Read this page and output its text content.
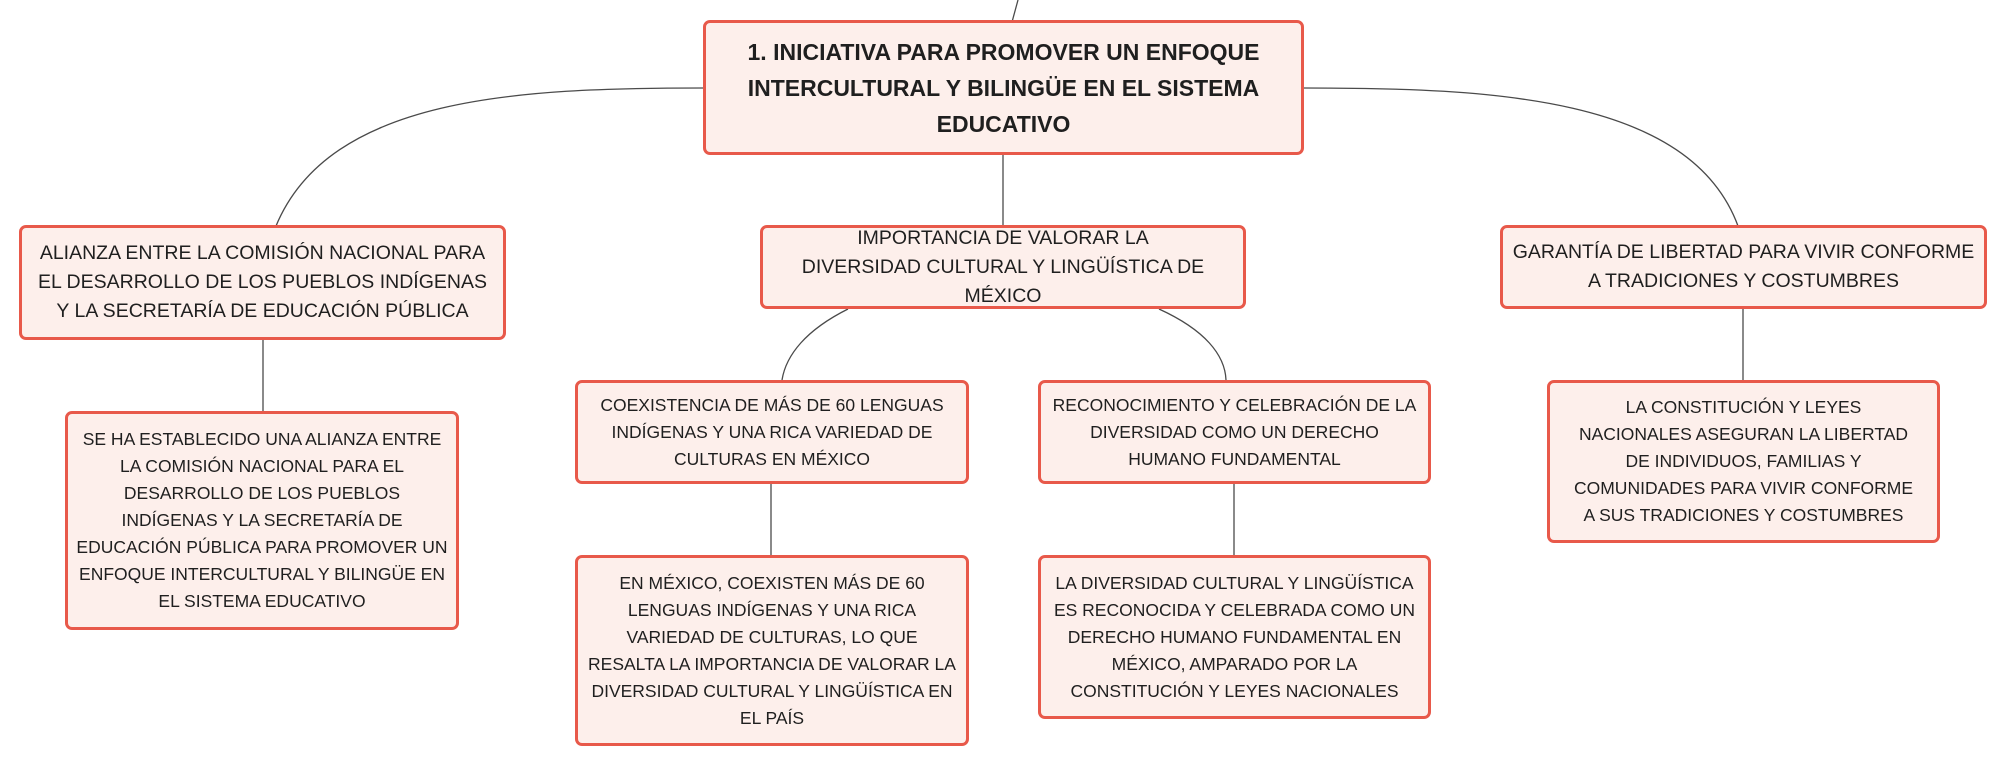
1. INICIATIVA PARA PROMOVER UN ENFOQUE INTERCULTURAL Y BILINGÜE EN EL SISTEMA EDUCATIVO
ALIANZA ENTRE LA COMISIÓN NACIONAL PARA EL DESARROLLO DE LOS PUEBLOS INDÍGENAS Y LA SECRETARÍA DE EDUCACIÓN PÚBLICA
IMPORTANCIA DE VALORAR LA DIVERSIDAD CULTURAL Y LINGÜÍSTICA DE MÉXICO
GARANTÍA DE LIBERTAD PARA VIVIR CONFORME A TRADICIONES Y COSTUMBRES
SE HA ESTABLECIDO UNA ALIANZA ENTRE LA COMISIÓN NACIONAL PARA EL DESARROLLO DE LOS PUEBLOS INDÍGENAS Y LA SECRETARÍA DE EDUCACIÓN PÚBLICA PARA PROMOVER UN ENFOQUE INTERCULTURAL Y BILINGÜE EN EL SISTEMA EDUCATIVO
COEXISTENCIA DE MÁS DE 60 LENGUAS INDÍGENAS Y UNA RICA VARIEDAD DE CULTURAS EN MÉXICO
RECONOCIMIENTO Y CELEBRACIÓN DE LA DIVERSIDAD COMO UN DERECHO HUMANO FUNDAMENTAL
EN MÉXICO, COEXISTEN MÁS DE 60 LENGUAS INDÍGENAS Y UNA RICA VARIEDAD DE CULTURAS, LO QUE RESALTA LA IMPORTANCIA DE VALORAR LA DIVERSIDAD CULTURAL Y LINGÜÍSTICA EN EL PAÍS
LA DIVERSIDAD CULTURAL Y LINGÜÍSTICA ES RECONOCIDA Y CELEBRADA COMO UN DERECHO HUMANO FUNDAMENTAL EN MÉXICO, AMPARADO POR LA CONSTITUCIÓN Y LEYES NACIONALES
LA CONSTITUCIÓN Y LEYES NACIONALES ASEGURAN LA LIBERTAD DE INDIVIDUOS, FAMILIAS Y COMUNIDADES PARA VIVIR CONFORME A SUS TRADICIONES Y COSTUMBRES
